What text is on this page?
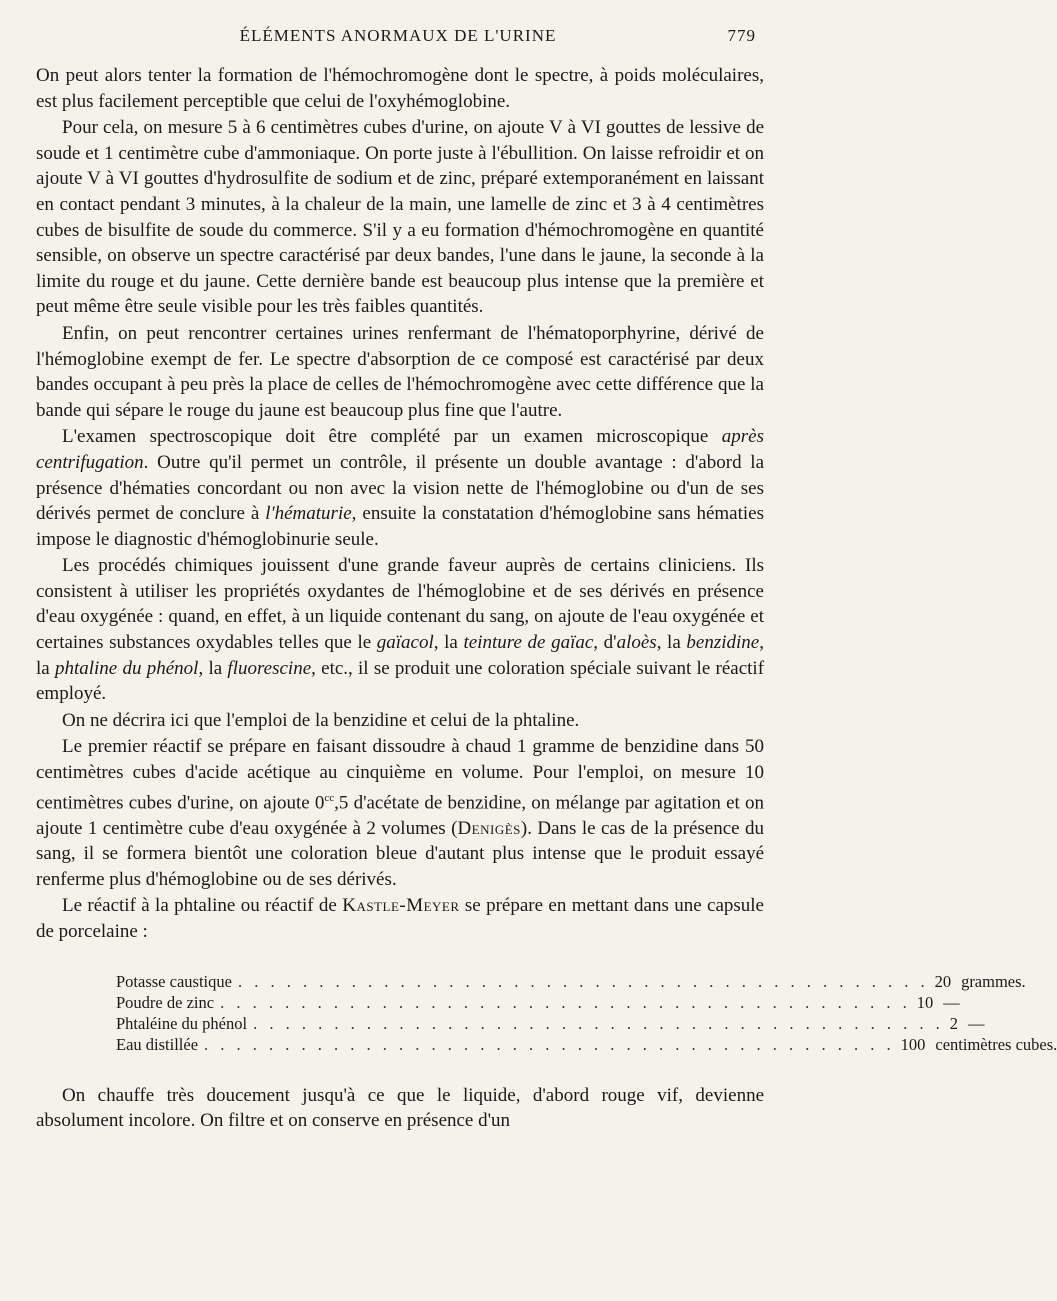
ÉLÉMENTS ANORMAUX DE L'URINE	779

On peut alors tenter la formation de l'hémochromogène dont le spectre, à poids moléculaires, est plus facilement perceptible que celui de l'oxyhémoglobine.

Pour cela, on mesure 5 à 6 centimètres cubes d'urine, on ajoute V à VI gouttes de lessive de soude et 1 centimètre cube d'ammoniaque. On porte juste à l'ébullition. On laisse refroidir et on ajoute V à VI gouttes d'hydrosulfite de sodium et de zinc, préparé extemporanément en laissant en contact pendant 3 minutes, à la chaleur de la main, une lamelle de zinc et 3 à 4 centimètres cubes de bisulfite de soude du commerce. S'il y a eu formation d'hémochromogène en quantité sensible, on observe un spectre caractérisé par deux bandes, l'une dans le jaune, la seconde à la limite du rouge et du jaune. Cette dernière bande est beaucoup plus intense que la première et peut même être seule visible pour les très faibles quantités.

Enfin, on peut rencontrer certaines urines renfermant de l'hématoporphyrine, dérivé de l'hémoglobine exempt de fer. Le spectre d'absorption de ce composé est caractérisé par deux bandes occupant à peu près la place de celles de l'hémochromogène avec cette différence que la bande qui sépare le rouge du jaune est beaucoup plus fine que l'autre.

L'examen spectroscopique doit être complété par un examen microscopique après centrifugation. Outre qu'il permet un contrôle, il présente un double avantage : d'abord la présence d'hématies concordant ou non avec la vision nette de l'hémoglobine ou d'un de ses dérivés permet de conclure à l'hématurie, ensuite la constatation d'hémoglobine sans hématies impose le diagnostic d'hémoglobinurie seule.

Les procédés chimiques jouissent d'une grande faveur auprès de certains cliniciens. Ils consistent à utiliser les propriétés oxydantes de l'hémoglobine et de ses dérivés en présence d'eau oxygénée : quand, en effet, à un liquide contenant du sang, on ajoute de l'eau oxygénée et certaines substances oxydables telles que le gaïacol, la teinture de gaïac, d'aloès, la benzidine, la phtaline du phénol, la fluorescine, etc., il se produit une coloration spéciale suivant le réactif employé.

On ne décrira ici que l'emploi de la benzidine et celui de la phtaline.

Le premier réactif se prépare en faisant dissoudre à chaud 1 gramme de benzidine dans 50 centimètres cubes d'acide acétique au cinquième en volume. Pour l'emploi, on mesure 10 centimètres cubes d'urine, on ajoute $0^{cc},5$ d'acétate de benzidine, on mélange par agitation et on ajoute 1 centimètre cube d'eau oxygénée à 2 volumes (Denigès). Dans le cas de la présence du sang, il se formera bientôt une coloration bleue d'autant plus intense que le produit essayé renferme plus d'hémoglobine ou de ses dérivés.

Le réactif à la phtaline ou réactif de Kastle-Meyer se prépare en mettant dans une capsule de porcelaine :

Potasse caustique . . . . . . . . . . . . . . . . . . . . . . . . . . . . . . . . . . . . . . . . . . . 20 grammes.
Poudre de zinc . . . . . . . . . . . . . . . . . . . . . . . . . . . . . . . . . . . . . . . . . . . 10 —
Phtaléine du phénol . . . . . . . . . . . . . . . . . . . . . . . . . . . . . . . . . . . . . . . . . . . 2 —
Eau distillée . . . . . . . . . . . . . . . . . . . . . . . . . . . . . . . . . . . . . . . . . . . 100 centimètres cubes.

On chauffe très doucement jusqu'à ce que le liquide, d'abord rouge vif, devienne absolument incolore. On filtre et on conserve en présence d'un
